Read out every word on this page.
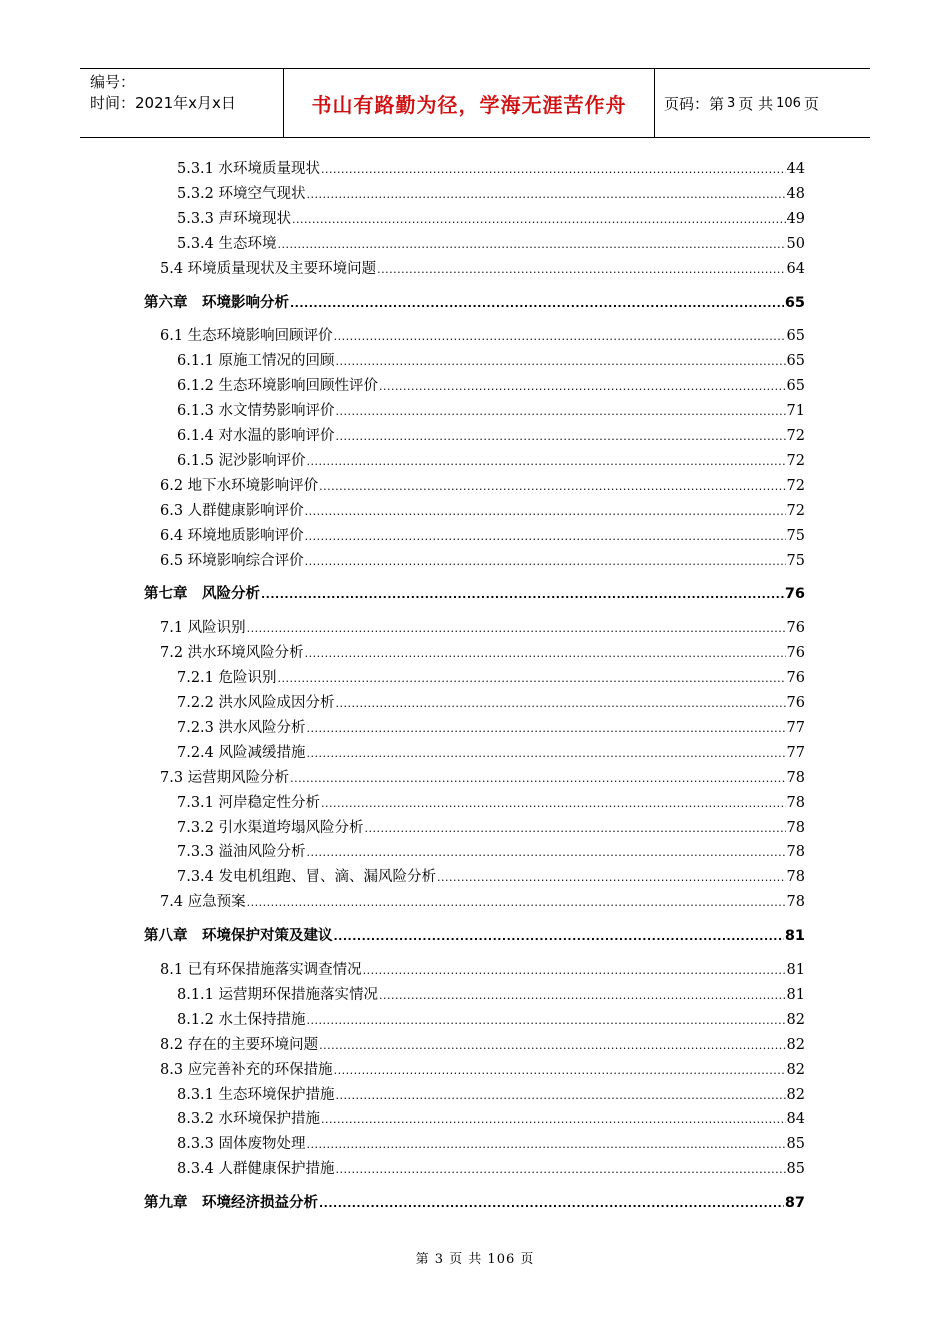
编号：
时间：2021年x月x日	书山有路勤为径，学海无涯苦作舟	页码：第 3 页 共 106 页
5.3.1 水环境质量现状 .....	44
5.3.2 环境空气现状 .....	48
5.3.3 声环境现状 .....	49
5.3.4 生态环境 .....	50
5.4 环境质量现状及主要环境问题 .....	64
第六章　环境影响分析 .....	65
6.1 生态环境影响回顾评价 .....	65
6.1.1 原施工情况的回顾 .....	65
6.1.2 生态环境影响回顾性评价 .....	65
6.1.3 水文情势影响评价 .....	71
6.1.4 对水温的影响评价 .....	72
6.1.5 泥沙影响评价 .....	72
6.2 地下水环境影响评价 .....	72
6.3 人群健康影响评价 .....	72
6.4 环境地质影响评价 .....	75
6.5 环境影响综合评价 .....	75
第七章　风险分析 .....	76
7.1 风险识别 .....	76
7.2 洪水环境风险分析 .....	76
7.2.1 危险识别 .....	76
7.2.2 洪水风险成因分析 .....	76
7.2.3 洪水风险分析 .....	77
7.2.4 风险减缓措施 .....	77
7.3 运营期风险分析 .....	78
7.3.1 河岸稳定性分析 .....	78
7.3.2 引水渠道垮塌风险分析 .....	78
7.3.3 溢油风险分析 .....	78
7.3.4 发电机组跑、冒、滴、漏风险分析 .....	78
7.4 应急预案 .....	78
第八章　环境保护对策及建议 .....	81
8.1 已有环保措施落实调查情况 .....	81
8.1.1 运营期环保措施落实情况 .....	81
8.1.2 水土保持措施 .....	82
8.2 存在的主要环境问题 .....	82
8.3 应完善补充的环保措施 .....	82
8.3.1 生态环境保护措施 .....	82
8.3.2 水环境保护措施 .....	84
8.3.3 固体废物处理 .....	85
8.3.4 人群健康保护措施 .....	85
第九章　环境经济损益分析 .....	87
第 3 页 共 106 页
